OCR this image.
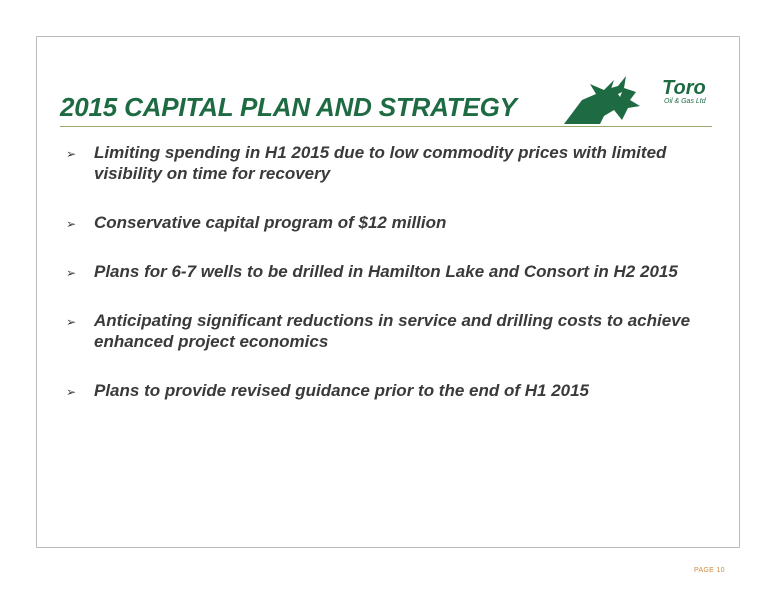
2015 CAPITAL PLAN AND STRATEGY
Toro
Oil & Gas Ltd
➢ Limiting spending in H1 2015 due to low commodity prices with limited visibility on time for recovery
➢ Conservative capital program of $12 million
➢ Plans for 6-7 wells to be drilled in Hamilton Lake and Consort in H2 2015
➢ Anticipating significant reductions in service and drilling costs to achieve enhanced project economics
➢ Plans to provide revised guidance prior to the end of H1 2015
PAGE 10
